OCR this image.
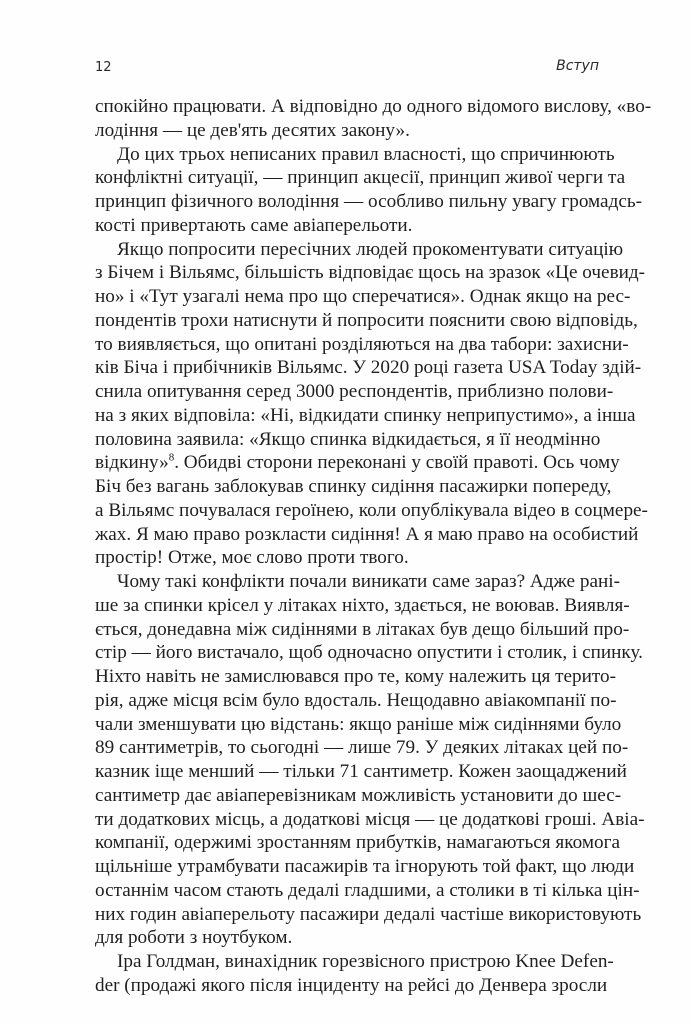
12	Вступ
спокійно працювати. А відповідно до одного відомого вислову, «во-
лодіння — це дев'ять десятих закону».
До цих трьох неписаних правил власності, що спричинюють
конфліктні ситуації, — принцип акцесії, принцип живої черги та
принцип фізичного володіння — особливо пильну увагу громадсь-
кості привертають саме авіаперельоти.
Якщо попросити пересічних людей прокоментувати ситуацію
з Бічем і Вільямс, більшість відповідає щось на зразок «Це очевид-
но» і «Тут узагалі нема про що сперечатися». Однак якщо на рес-
пондентів трохи натиснути й попросити пояснити свою відповідь,
то виявляється, що опитані розділяються на два табори: захисни-
ків Біча і прибічників Вільямс. У 2020 році газета USA Today здій-
снила опитування серед 3000 респондентів, приблизно полови-
на з яких відповіла: «Ні, відкидати спинку неприпустимо», а інша
половина заявила: «Якщо спинка відкидається, я її неодмінно
відкину»$^8$. Обидві сторони переконані у своїй правоті. Ось чому
Біч без вагань заблокував спинку сидіння пасажирки попереду,
а Вільямс почувалася героїнею, коли опублікувала відео в соцмере-
жах. Я маю право розкласти сидіння! А я маю право на особистий
простір! Отже, моє слово проти твого.
Чому такі конфлікти почали виникати саме зараз? Адже рані-
ше за спинки крісел у літаках ніхто, здається, не воював. Виявля-
ється, донедавна між сидіннями в літаках був дещо більший про-
стір — його вистачало, щоб одночасно опустити і столик, і спинку.
Ніхто навіть не замислювався про те, кому належить ця терито-
рія, адже місця всім було вдосталь. Нещодавно авіакомпанії по-
чали зменшувати цю відстань: якщо раніше між сидіннями було
89 сантиметрів, то сьогодні — лише 79. У деяких літаках цей по-
казник іще менший — тільки 71 сантиметр. Кожен заощаджений
сантиметр дає авіаперевізникам можливість установити до шес-
ти додаткових місць, а додаткові місця — це додаткові гроші. Авіа-
компанії, одержимі зростанням прибутків, намагаються якомога
щільніше утрамбувати пасажирів та ігнорують той факт, що люди
останнім часом стають дедалі гладшими, а столики в ті кілька цін-
них годин авіаперельоту пасажири дедалі частіше використовують
для роботи з ноутбуком.
Іра Голдман, винахідник горезвісного пристрою Knee Defen-
der (продажі якого після інциденту на рейсі до Денвера зросли
